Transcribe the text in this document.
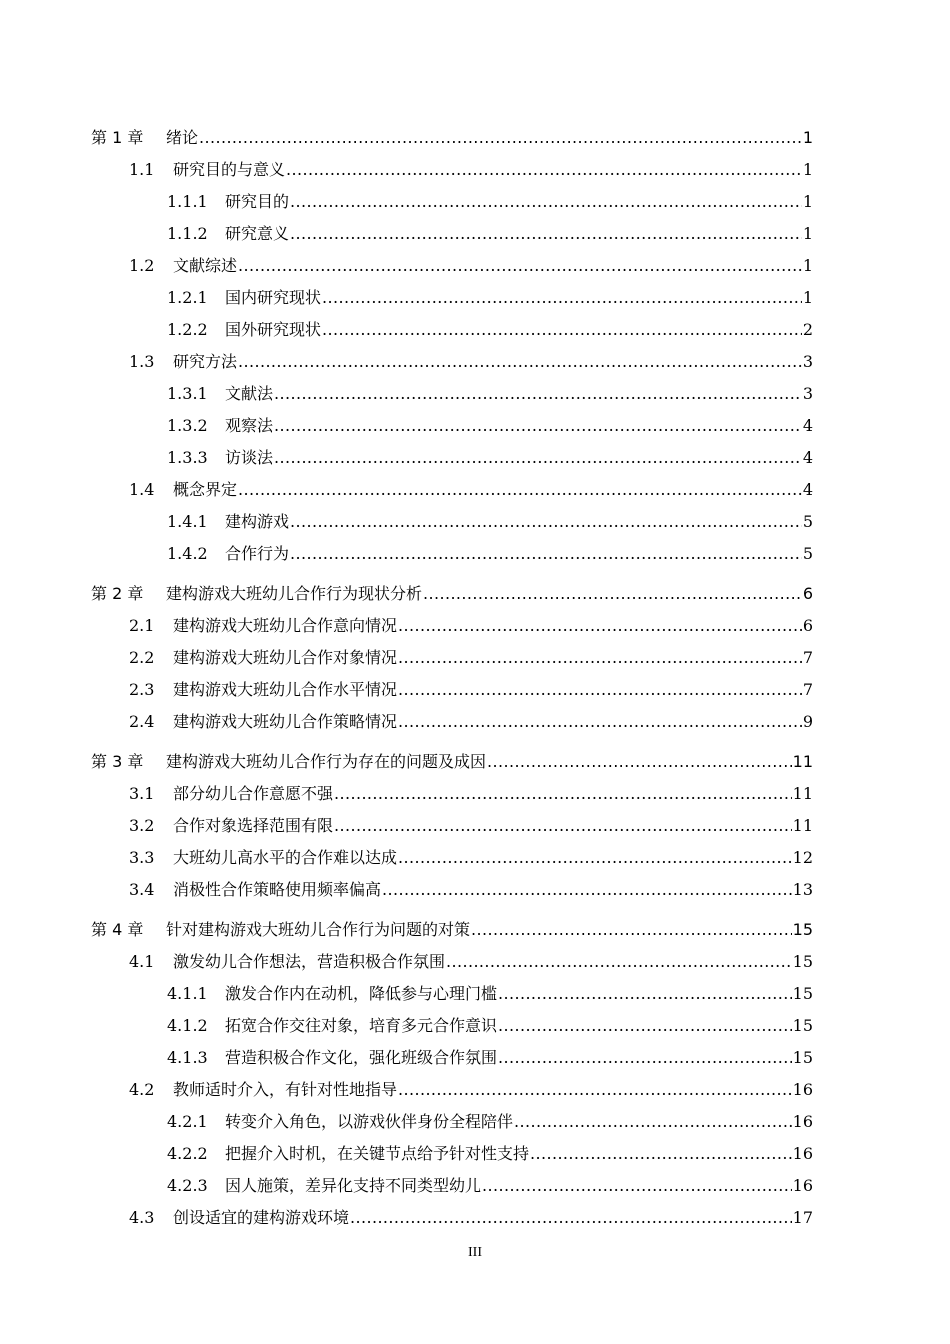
第 1 章	绪论 .....	1
1.1	研究目的与意义 .....	1
1.1.1	研究目的 .....	1
1.1.2	研究意义 .....	1
1.2	文献综述 .....	1
1.2.1	国内研究现状 .....	1
1.2.2	国外研究现状 .....	2
1.3	研究方法 .....	3
1.3.1	文献法 .....	3
1.3.2	观察法 .....	4
1.3.3	访谈法 .....	4
1.4	概念界定 .....	4
1.4.1	建构游戏 .....	5
1.4.2	合作行为 .....	5
第 2 章	建构游戏大班幼儿合作行为现状分析 .....	6
2.1	建构游戏大班幼儿合作意向情况 .....	6
2.2	建构游戏大班幼儿合作对象情况 .....	7
2.3	建构游戏大班幼儿合作水平情况 .....	7
2.4	建构游戏大班幼儿合作策略情况 .....	9
第 3 章	建构游戏大班幼儿合作行为存在的问题及成因 .....	11
3.1	部分幼儿合作意愿不强 .....	11
3.2	合作对象选择范围有限 .....	11
3.3	大班幼儿高水平的合作难以达成 .....	12
3.4	消极性合作策略使用频率偏高 .....	13
第 4 章	针对建构游戏大班幼儿合作行为问题的对策 .....	15
4.1	激发幼儿合作想法，营造积极合作氛围 .....	15
4.1.1	激发合作内在动机，降低参与心理门槛 .....	15
4.1.2	拓宽合作交往对象，培育多元合作意识 .....	15
4.1.3	营造积极合作文化，强化班级合作氛围 .....	15
4.2	教师适时介入，有针对性地指导 .....	16
4.2.1	转变介入角色，以游戏伙伴身份全程陪伴 .....	16
4.2.2	把握介入时机，在关键节点给予针对性支持 .....	16
4.2.3	因人施策，差异化支持不同类型幼儿 .....	16
4.3	创设适宜的建构游戏环境 .....	17
III
